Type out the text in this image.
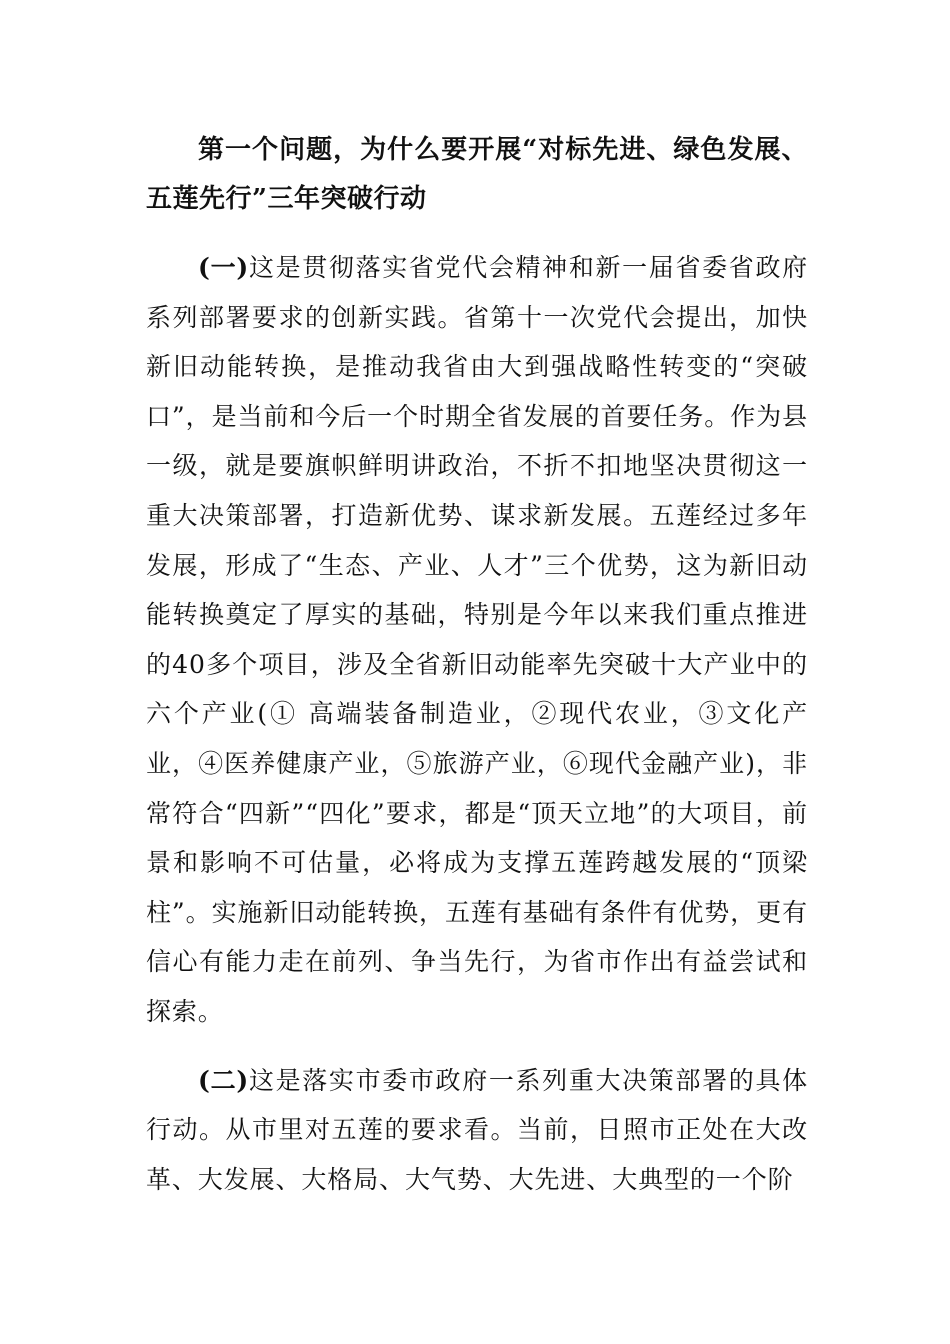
第一个问题，为什么要开展“对标先进、绿色发展、五莲先行”三年突破行动

(一)这是贯彻落实省党代会精神和新一届省委省政府系列部署要求的创新实践。省第十一次党代会提出，加快新旧动能转换，是推动我省由大到强战略性转变的“突破口”，是当前和今后一个时期全省发展的首要任务。作为县一级，就是要旗帜鲜明讲政治，不折不扣地坚决贯彻这一重大决策部署，打造新优势、谋求新发展。五莲经过多年发展，形成了“生态、产业、人才”三个优势，这为新旧动能转换奠定了厚实的基础，特别是今年以来我们重点推进的40多个项目，涉及全省新旧动能率先突破十大产业中的六个产业(① 高端装备制造业，②现代农业，③文化产业，④医养健康产业，⑤旅游产业，⑥现代金融产业)，非常符合“四新”“四化”要求，都是“顶天立地”的大项目，前景和影响不可估量，必将成为支撑五莲跨越发展的“顶梁柱”。实施新旧动能转换，五莲有基础有条件有优势，更有信心有能力走在前列、争当先行，为省市作出有益尝试和探索。

(二)这是落实市委市政府一系列重大决策部署的具体行动。从市里对五莲的要求看。当前，日照市正处在大改革、大发展、大格局、大气势、大先进、大典型的一个阶
